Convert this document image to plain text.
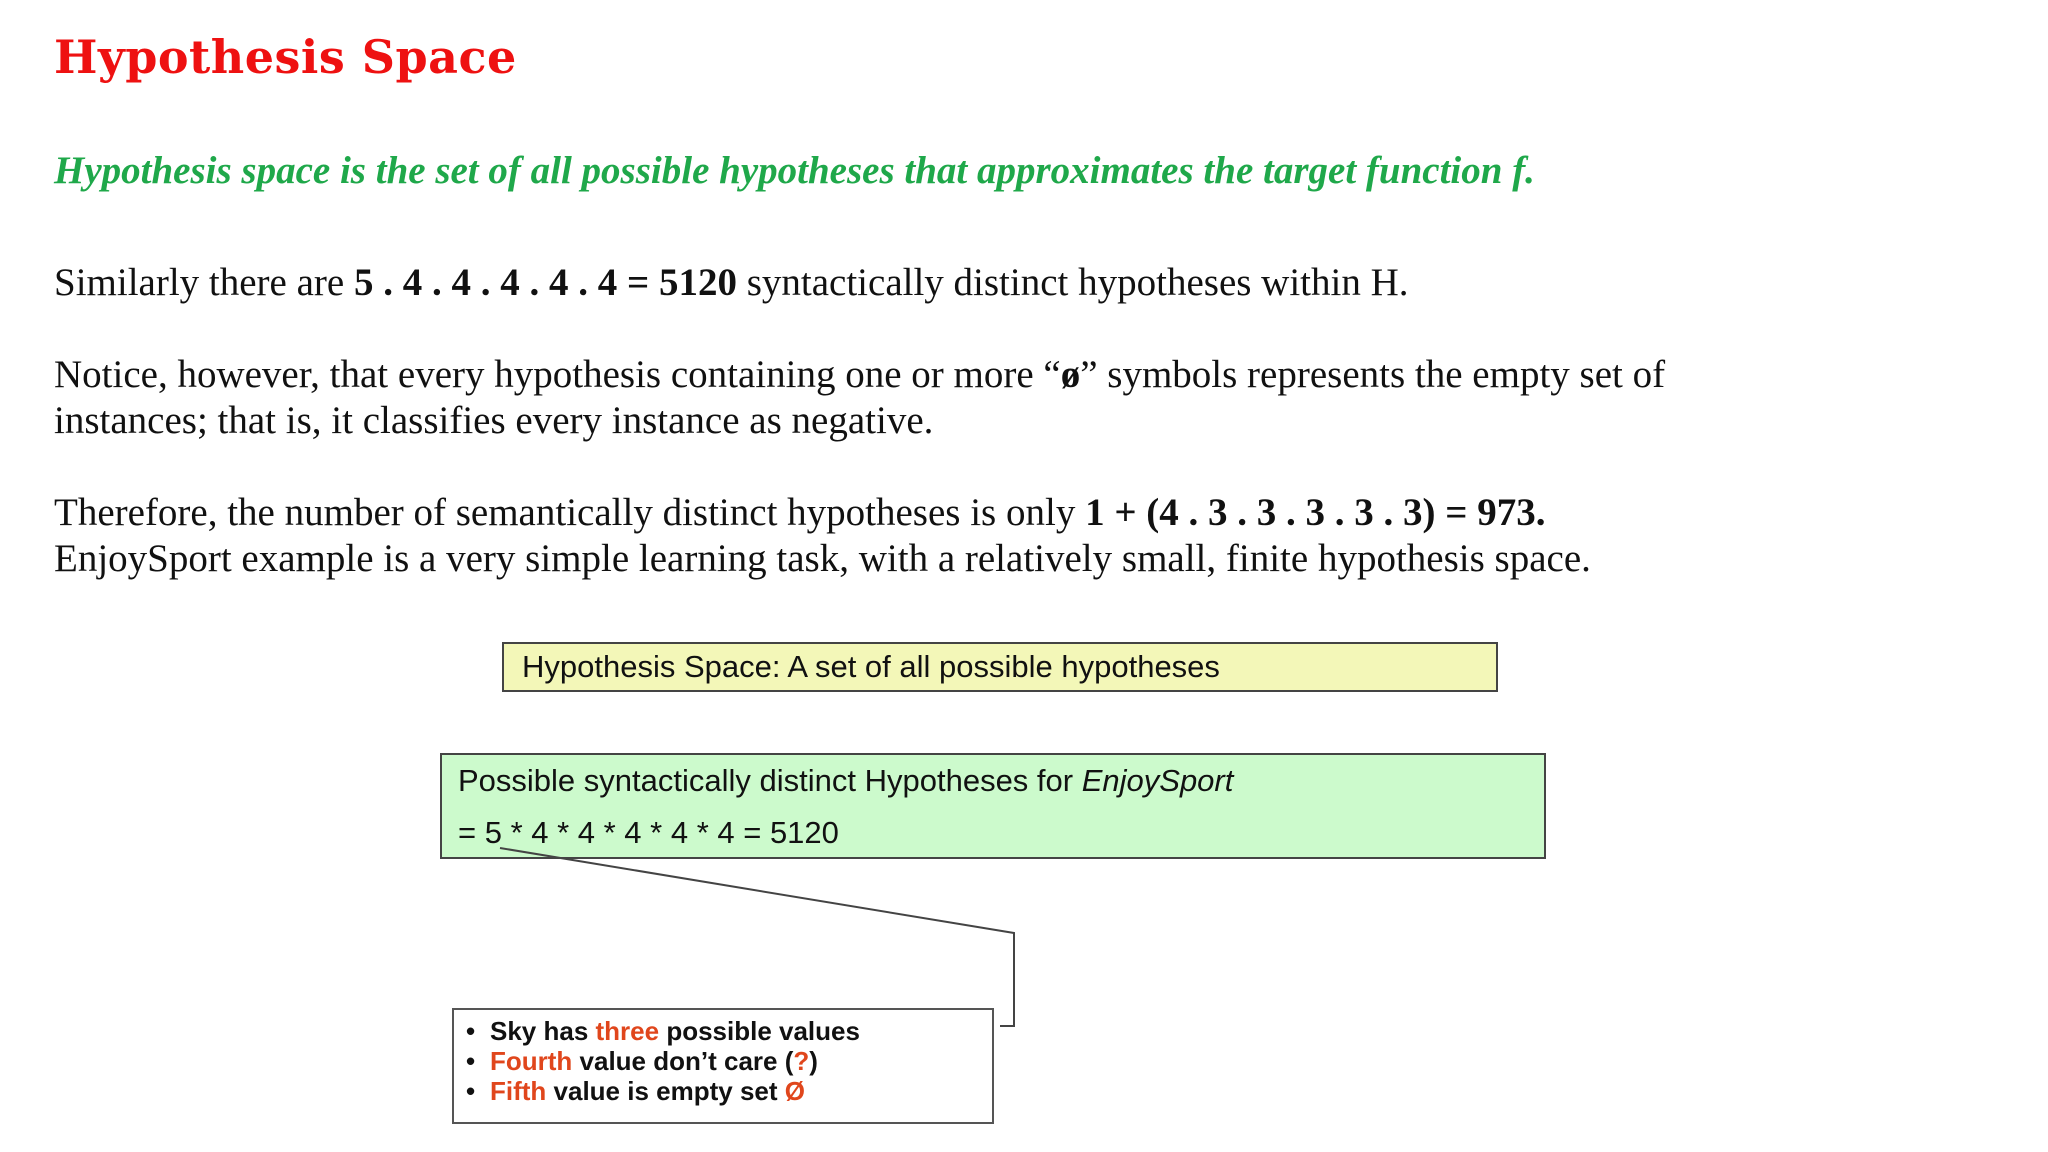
Hypothesis Space

Hypothesis space is the set of all possible hypotheses that approximates the target function f.

Similarly there are 5 . 4 . 4 . 4 . 4 . 4 = 5120 syntactically distinct hypotheses within H.

Notice, however, that every hypothesis containing one or more “ø” symbols represents the empty set of
instances; that is, it classifies every instance as negative.

Therefore, the number of semantically distinct hypotheses is only 1 + (4 . 3 . 3 . 3 . 3 . 3) = 973.
EnjoySport example is a very simple learning task, with a relatively small, finite hypothesis space.

Hypothesis Space: A set of all possible hypotheses
Possible syntactically distinct Hypotheses for EnjoySport
= 5 * 4 * 4 * 4 * 4 * 4 = 5120
• Sky has three possible values
• Fourth value don’t care (?)
• Fifth value is empty set Ø
